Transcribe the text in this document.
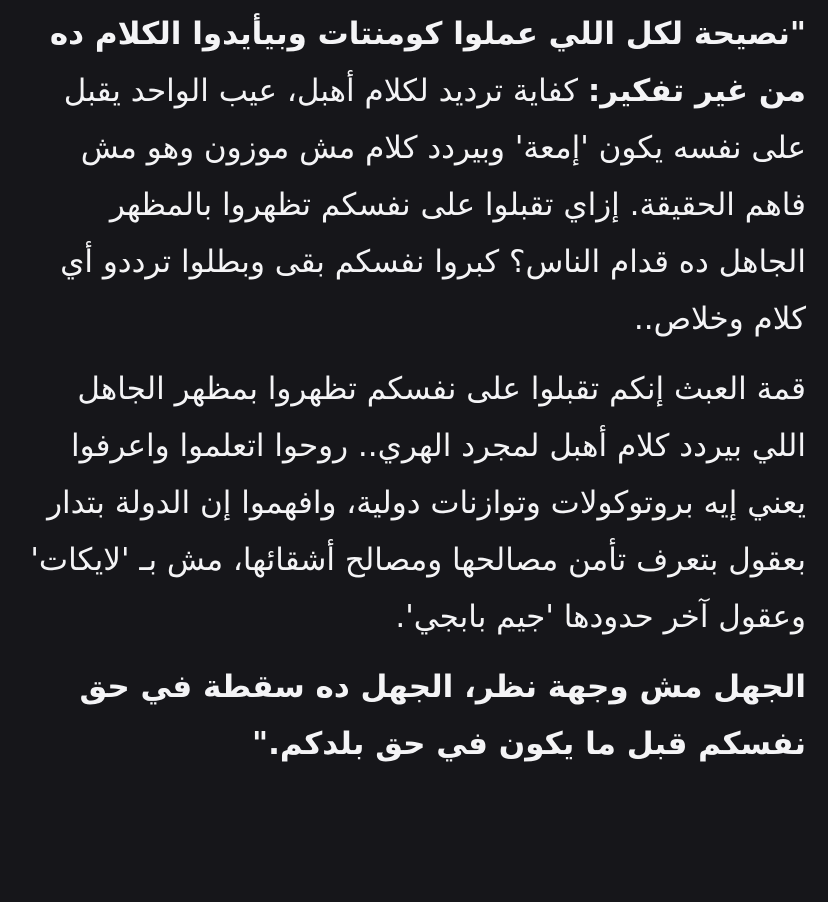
"نصيحة لكل اللي عملوا كومنتات وبيأيدوا الكلام ده من غير تفكير: كفاية ترديد لكلام أهبل، عيب الواحد يقبل على نفسه يكون 'إمعة' وبيردد كلام مش موزون وهو مش فاهم الحقيقة. إزاي تقبلوا على نفسكم تظهروا بالمظهر الجاهل ده قدام الناس؟ كبروا نفسكم بقى وبطلوا ترددو أي كلام وخلاص..

قمة العبث إنكم تقبلوا على نفسكم تظهروا بمظهر الجاهل اللي بيردد كلام أهبل لمجرد الهري.. روحوا اتعلموا واعرفوا يعني إيه بروتوكولات وتوازنات دولية، وافهموا إن الدولة بتدار بعقول بتعرف تأمن مصالحها ومصالح أشقائها، مش بـ 'لايكات' وعقول آخر حدودها 'جيم بابجي'.

الجهل مش وجهة نظر، الجهل ده سقطة في حق نفسكم قبل ما يكون في حق بلدكم."
